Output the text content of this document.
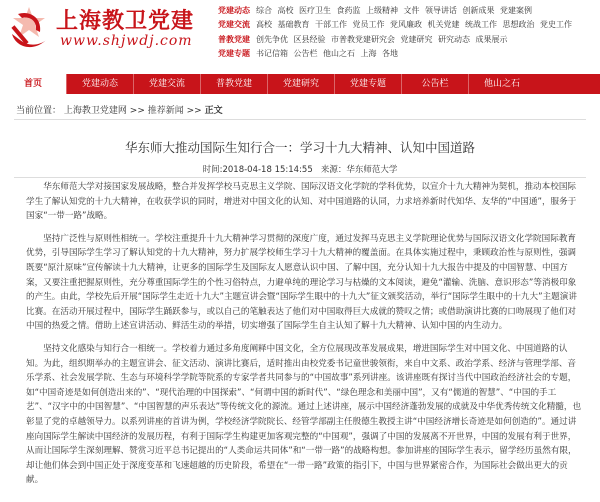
上海教卫党建
www.shjwdj.com
党建动态 综合 高校 医疗卫生 食药监 上级精神 文件 领导讲话 创新成果 党建案例
党建交流 高校 基础教育 干部工作 党员工作 党风廉政 机关党建 统战工作 思想政治 党史工作
普教党建 创先争优 区县经验 市普教党建研究会 党建研究 研究动态 成果展示
党建专题 书记信箱 公告栏 他山之石 上海 各地
首页	党建动态	党建交流	普教党建	党建研究	党建专题	公告栏	他山之石
当前位置： 上海教卫党建网 >> 推荐新闻 >> 正文
华东师大推动国际生知行合一：学习十九大精神、认知中国道路
时间:2018-04-18 15:14:55 来源：华东师范大学

华东师范大学对接国家发展战略，整合并发挥学校马克思主义学院、国际汉语文化学院的学科优势，以宣介十九大精神为契机，推动本校国际学生了解认知党的十九大精神，在收获学识的同时，增进对中国文化的认知、对中国道路的认同，力求培养新时代知华、友华的“中国通”，服务于国家“一带一路”战略。

坚持广泛性与原则性相统一。学校注重提升十九大精神学习贯彻的深度广度，通过发挥马克思主义学院理论优势与国际汉语文化学院国际教育优势，引导国际学生学习了解认知党的十九大精神，努力扩展学校师生学习十九大精神的覆盖面。在具体实施过程中，秉顾政治性与原则性，强调既要“原汁原味”宣传解读十九大精神，让更多的国际学生及国际友人愿意认识中国、了解中国，充分认知十九大报告中提及的中国智慧、中国方案，又要注重把握原则性，充分尊重国际学生的个性习俗特点，力避单纯的理论学习与枯燥的文本阅读，避免“灌输、洗脑、意识形态”等消极印象的产生。由此，学校先后开展“国际学生走近十九大”主题宣讲会暨“国际学生眼中的十九大”征文颁奖活动，举行“国际学生眼中的十九大”主题演讲比赛。在活动开展过程中，国际学生踊跃参与，或以自己的笔触表达了他们对中国取得巨大成就的赞叹之情；或借助演讲比赛的口吻展现了他们对中国的热爱之情。借助上述宣讲活动、鲜活生动的举措，切实增强了国际学生自主认知了解十九大精神、认知中国的内生动力。

坚持文化感染与知行合一相统一。学校着力通过多角度阐释中国文化，全方位展现改革发展成果，增进国际学生对中国文化、中国道路的认知。为此，组织期举办的主题宣讲会、征文活动、演讲比赛后，适时推出由校党委书记童世骏领衔，来自中文系、政治学系、经济与管理学部、音乐学系、社会发展学院、生态与环境科学学院等院系的专家学者共同参与的“中国故事”系列讲座。该讲座既有探讨当代中国政治经济社会的专题，如“中国奇迹是如何创造出来的”、“现代治理的中国探索”、“何谓中国的新时代”、“绿色理念和美丽中国”，又有“儒道的智慧”、“中国的手工艺”、“汉字中的中国智慧”、“中国智慧的声乐表达”等传统文化的源流。通过上述讲座，展示中国经济蓬勃发展的成就及中华优秀传统文化精髓，也彰显了党的卓越领导力。以系列讲座的首讲为例，学校经济学院院长、经管学部副主任殷德生教授主讲“中国经济增长奇迹是如何创造的”。通过讲座向国际学生解读中国经济的发展历程，有利于国际学生构建更加客观完整的“中国观”，强调了中国的发展离不开世界，中国的发展有利于世界，从而让国际学生深刻理解、赞赏习近平总书记提出的“人类命运共同体”和“一带一路”的战略构想。参加讲座的国际学生表示，留学经历虽然有限，却让他们体会到中国正处于深度变革和飞速超越的历史阶段，希望在“一带一路”政策的指引下，中国与世界紧密合作，为国际社会做出更大的贡献。
